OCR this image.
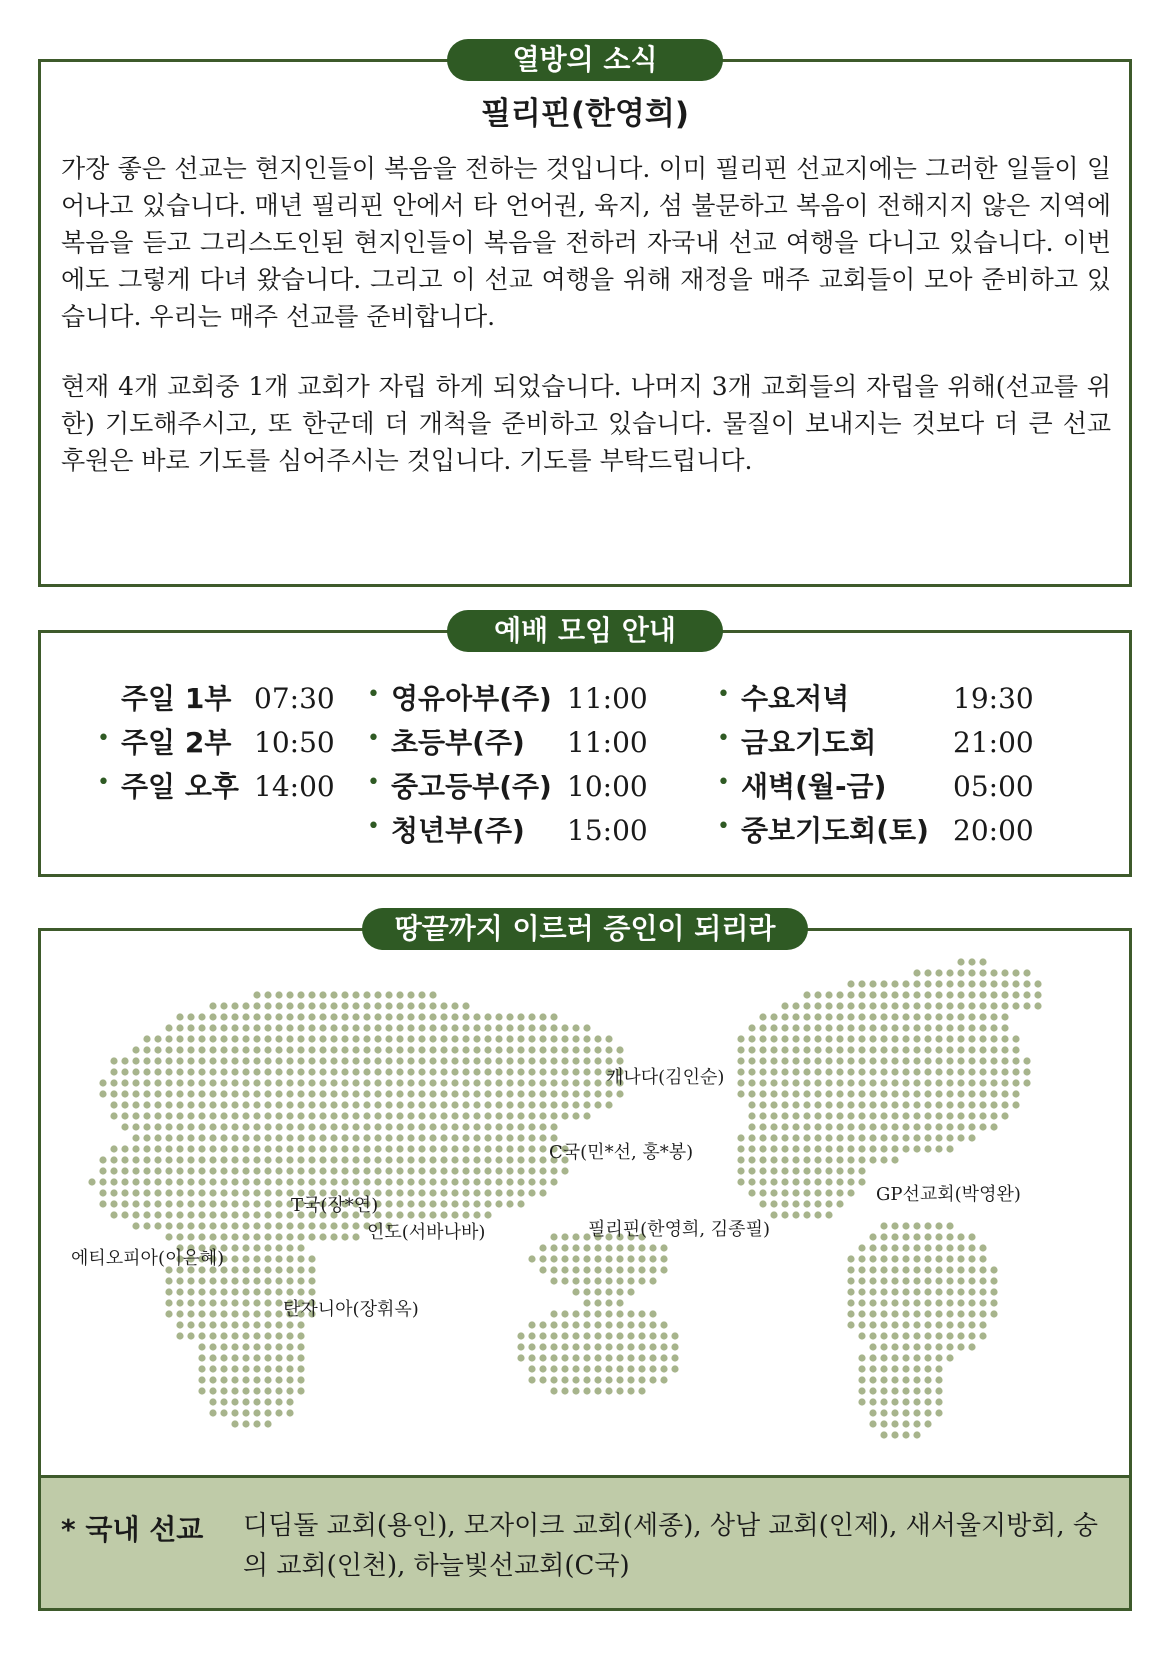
열방의 소식
필리핀(한영희)

가장 좋은 선교는 현지인들이 복음을 전하는 것입니다. 이미 필리핀 선교지에는 그러한 일들이 일어나고 있습니다. 매년 필리핀 안에서 타 언어권, 육지, 섬 불문하고 복음이 전해지지 않은 지역에 복음을 듣고 그리스도인된 현지인들이 복음을 전하러 자국내 선교 여행을 다니고 있습니다. 이번에도 그렇게 다녀 왔습니다. 그리고 이 선교 여행을 위해 재정을 매주 교회들이 모아 준비하고 있습니다. 우리는 매주 선교를 준비합니다.

현재 4개 교회중 1개 교회가 자립 하게 되었습니다. 나머지 3개 교회들의 자립을 위해(선교를 위한) 기도해주시고, 또 한군데 더 개척을 준비하고 있습니다. 물질이 보내지는 것보다 더 큰 선교 후원은 바로 기도를 심어주시는 것입니다. 기도를 부탁드립니다.

예배 모임 안내
주일 1부 07:30
• 주일 2부 10:50
• 주일 오후 14:00
• 영유아부(주) 11:00
• 초등부(주) 11:00
• 중고등부(주) 10:00
• 청년부(주) 15:00
• 수요저녁	19:30
• 금요기도회	21:00
• 새벽(월-금) 05:00
• 중보기도회(토) 20:00
땅끝까지 이르러 증인이 되리라
캐나다(김인순)
C국(민*선, 홍*봉)
GP선교회(박영완)
T국(장*연)
인도(서바나바)	필리핀(한영희, 김종필)
에티오피아(이은혜)
탄자니아(장휘옥)
* 국내 선교 디딤돌 교회(용인), 모자이크 교회(세종), 상남 교회(인제), 새서울지방회, 숭의 교회(인천), 하늘빛선교회(C국)
